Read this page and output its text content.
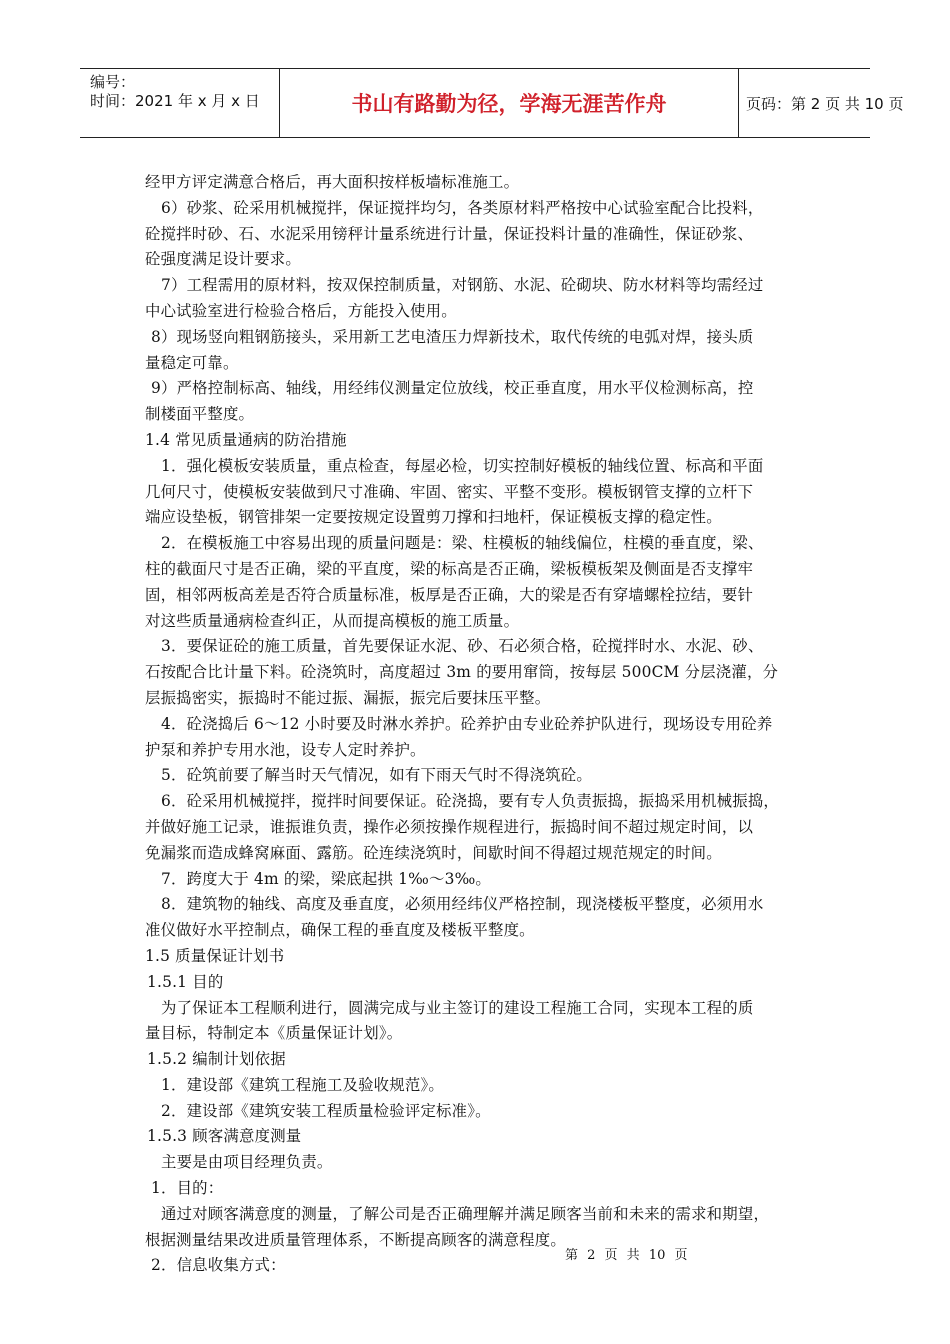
编号：
时间：2021 年 x 月 x 日	书山有路勤为径，学海无涯苦作舟	页码：第 2 页 共 10 页
经甲方评定满意合格后，再大面积按样板墙标准施工。
6）砂浆、砼采用机械搅拌，保证搅拌均匀，各类原材料严格按中心试验室配合比投料，
砼搅拌时砂、石、水泥采用镑秤计量系统进行计量，保证投料计量的准确性，保证砂浆、
砼强度满足设计要求。
7）工程需用的原材料，按双保控制质量，对钢筋、水泥、砼砌块、防水材料等均需经过
中心试验室进行检验合格后，方能投入使用。
8）现场竖向粗钢筋接头，采用新工艺电渣压力焊新技术，取代传统的电弧对焊，接头质
量稳定可靠。
9）严格控制标高、轴线，用经纬仪测量定位放线，校正垂直度，用水平仪检测标高，控
制楼面平整度。
1.4 常见质量通病的防治措施
1．强化模板安装质量，重点检查，每屋必检，切实控制好模板的轴线位置、标高和平面
几何尺寸，使模板安装做到尺寸准确、牢固、密实、平整不变形。模板钢管支撑的立杆下
端应设垫板，钢管排架一定要按规定设置剪刀撑和扫地杆，保证模板支撑的稳定性。
2．在模板施工中容易出现的质量问题是：梁、柱模板的轴线偏位，柱模的垂直度，梁、
柱的截面尺寸是否正确，梁的平直度，梁的标高是否正确，梁板模板架及侧面是否支撑牢
固，相邻两板高差是否符合质量标准，板厚是否正确，大的梁是否有穿墙螺栓拉结，要针
对这些质量通病检查纠正，从而提高模板的施工质量。
3．要保证砼的施工质量，首先要保证水泥、砂、石必须合格，砼搅拌时水、水泥、砂、
石按配合比计量下料。砼浇筑时，高度超过 3m 的要用窜筒，按每层 500CM 分层浇灌，分
层振捣密实，振捣时不能过振、漏振，振完后要抹压平整。
4．砼浇捣后 6～12 小时要及时淋水养护。砼养护由专业砼养护队进行，现场设专用砼养
护泵和养护专用水池，设专人定时养护。
5．砼筑前要了解当时天气情况，如有下雨天气时不得浇筑砼。
6．砼采用机械搅拌，搅拌时间要保证。砼浇捣，要有专人负责振捣，振捣采用机械振捣，
并做好施工记录，谁振谁负责，操作必须按操作规程进行，振捣时间不超过规定时间，以
免漏浆而造成蜂窝麻面、露筋。砼连续浇筑时，间歇时间不得超过规范规定的时间。
7．跨度大于 4m 的梁，梁底起拱 1‰～3‰。
8．建筑物的轴线、高度及垂直度，必须用经纬仪严格控制，现浇楼板平整度，必须用水
准仪做好水平控制点，确保工程的垂直度及楼板平整度。
1.5 质量保证计划书
1.5.1 目的
为了保证本工程顺利进行，圆满完成与业主签订的建设工程施工合同，实现本工程的质
量目标，特制定本《质量保证计划》。
1.5.2 编制计划依据
1．建设部《建筑工程施工及验收规范》。
2．建设部《建筑安装工程质量检验评定标准》。
1.5.3 顾客满意度测量
主要是由项目经理负责。
1．目的：
通过对顾客满意度的测量，了解公司是否正确理解并满足顾客当前和未来的需求和期望，
根据测量结果改进质量管理体系，不断提高顾客的满意程度。
2．信息收集方式：
第 2 页 共 10 页
